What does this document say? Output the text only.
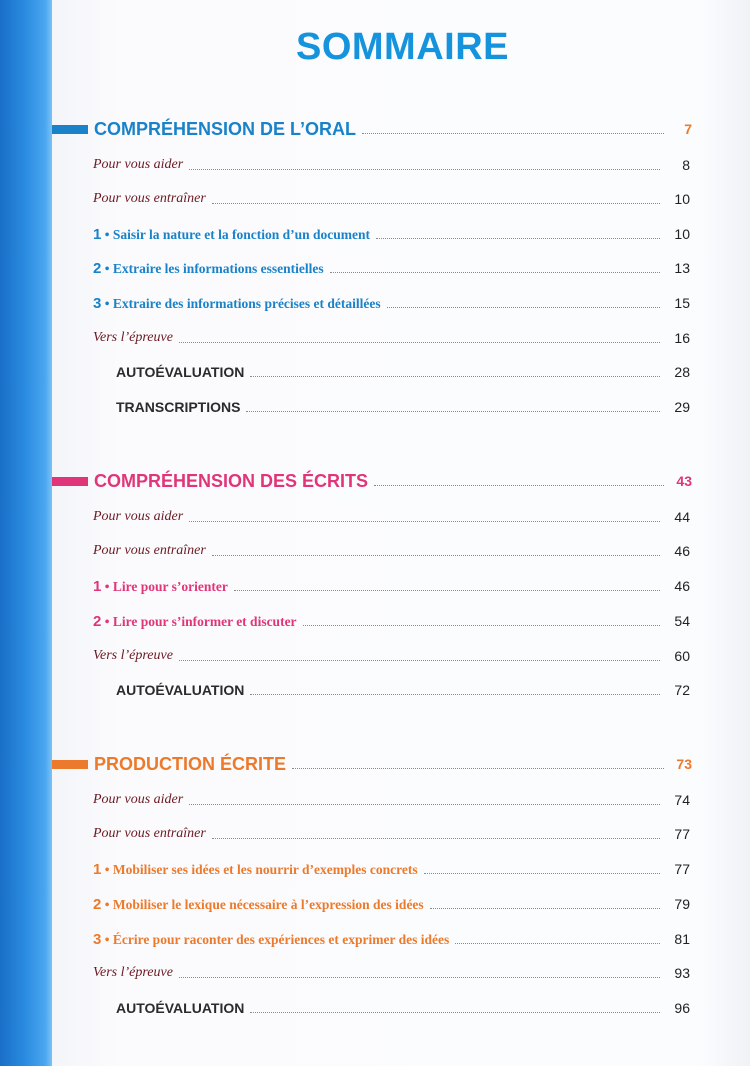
SOMMAIRE
COMPRÉHENSION DE L’ORAL	7
Pour vous aider	8
Pour vous entraîner	10
1 • Saisir la nature et la fonction d’un document	10
2 • Extraire les informations essentielles	13
3 • Extraire des informations précises et détaillées	15
Vers l’épreuve	16
AUTOÉVALUATION	28
TRANSCRIPTIONS	29
COMPRÉHENSION DES ÉCRITS	43
Pour vous aider	44
Pour vous entraîner	46
1 • Lire pour s’orienter	46
2 • Lire pour s’informer et discuter	54
Vers l’épreuve	60
AUTOÉVALUATION	72
PRODUCTION ÉCRITE	73
Pour vous aider	74
Pour vous entraîner	77
1 • Mobiliser ses idées et les nourrir d’exemples concrets	77
2 • Mobiliser le lexique nécessaire à l’expression des idées	79
3 • Écrire pour raconter des expériences et exprimer des idées	81
Vers l’épreuve	93
AUTOÉVALUATION	96
